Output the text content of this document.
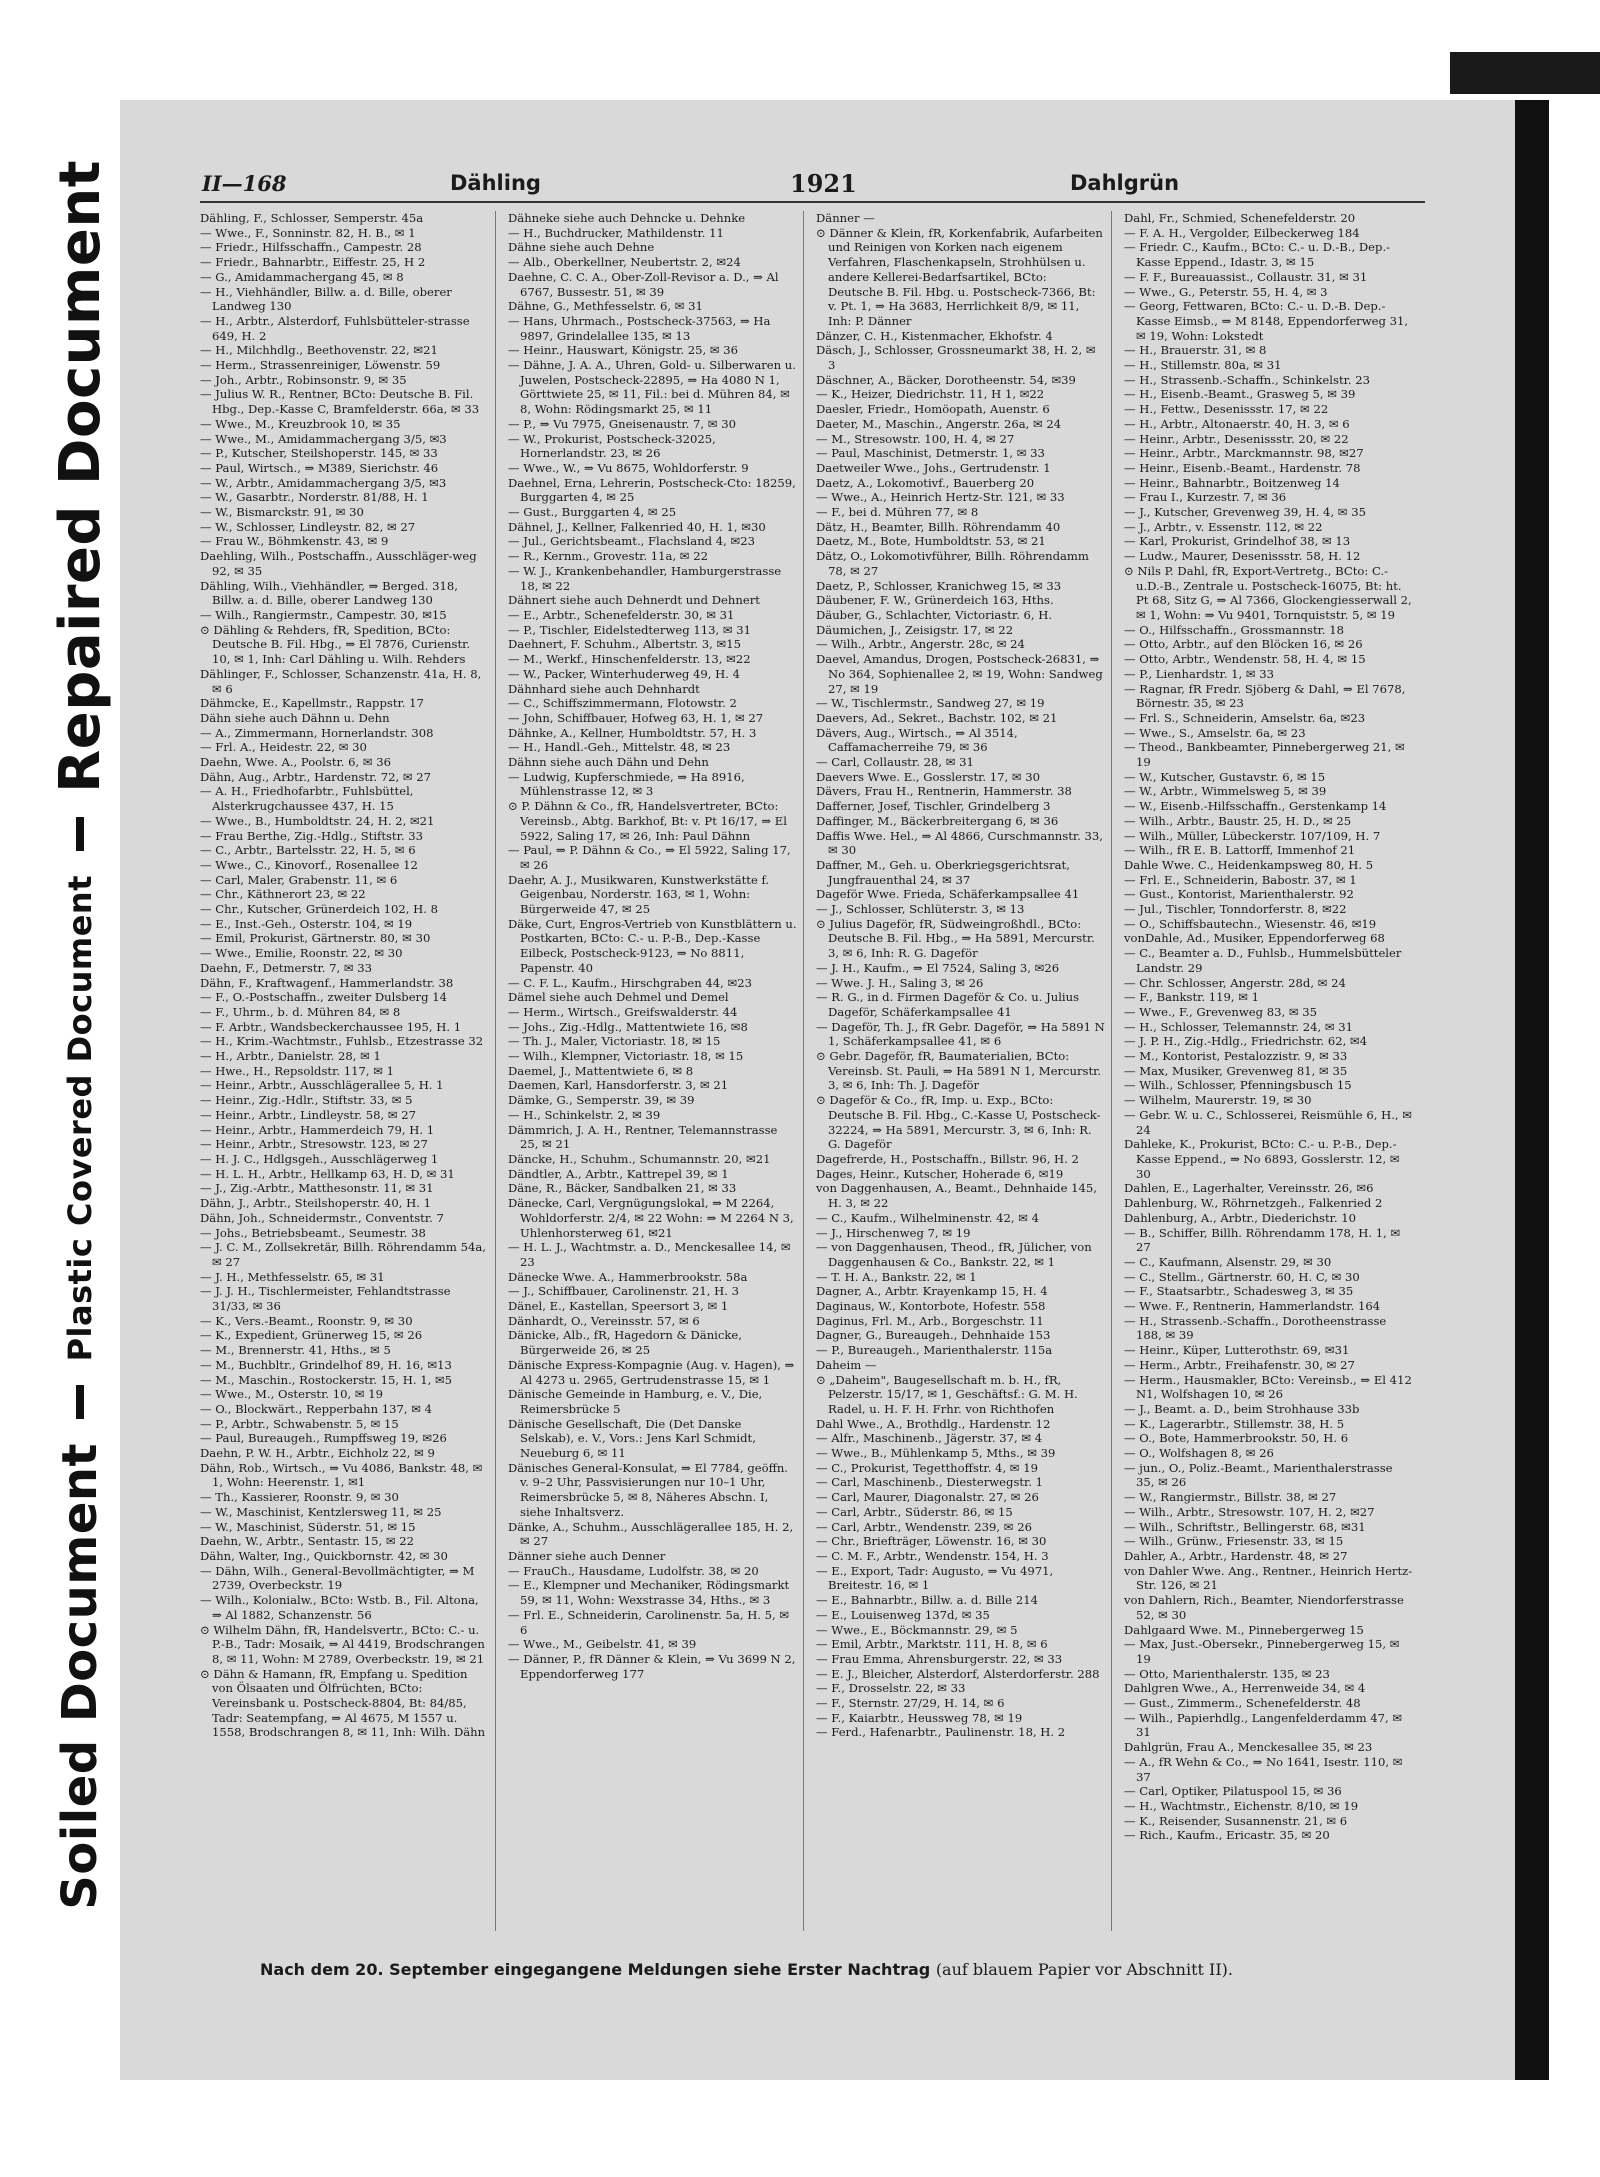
Repaired Document
Plastic Covered Document
Soiled Document
II—168	Dähling	1921	Dahlgrün

Dähling, F., Schlosser, Semperstr. 45a

— Wwe., F., Sonninstr. 82, H. B., ✉ 1

— Friedr., Hilfsschaffn., Campestr. 28

— Friedr., Bahnarbtr., Eiffestr. 25, H 2

— G., Amidammachergang 45, ✉ 8

— H., Viehhändler, Billw. a. d. Bille, oberer Landweg 130

— H., Arbtr., Alsterdorf, Fuhlsbütteler-strasse 649, H. 2

— H., Milchhdlg., Beethovenstr. 22, ✉21

— Herm., Strassenreiniger, Löwenstr. 59

— Joh., Arbtr., Robinsonstr. 9, ✉ 35

— Julius W. R., Rentner, BCto: Deutsche B. Fil. Hbg., Dep.-Kasse C, Bramfelderstr. 66a, ✉ 33

— Wwe., M., Kreuzbrook 10, ✉ 35

— Wwe., M., Amidammachergang 3/5, ✉3

— P., Kutscher, Steilshoperstr. 145, ✉ 33

— Paul, Wirtsch., ⇒ M389, Sierichstr. 46

— W., Arbtr., Amidammachergang 3/5, ✉3

— W., Gasarbtr., Norderstr. 81/88, H. 1

— W., Bismarckstr. 91, ✉ 30

— W., Schlosser, Lindleystr. 82, ✉ 27

— Frau W., Böhmkenstr. 43, ✉ 9

Daehling, Wilh., Postschaffn., Ausschläger-weg 92, ✉ 35

Dähling, Wilh., Viehhändler, ⇒ Berged. 318, Billw. a. d. Bille, oberer Landweg 130

— Wilh., Rangiermstr., Campestr. 30, ✉15

⊙ Dähling & Rehders, fR, Spedition, BCto: Deutsche B. Fil. Hbg., ⇒ El 7876, Curienstr. 10, ✉ 1, Inh: Carl Dähling u. Wilh. Rehders

Dählinger, F., Schlosser, Schanzenstr. 41a, H. 8, ✉ 6

Dähmcke, E., Kapellmstr., Rappstr. 17

Dähn siehe auch Dähnn u. Dehn

— A., Zimmermann, Hornerlandstr. 308

— Frl. A., Heidestr. 22, ✉ 30

Daehn, Wwe. A., Poolstr. 6, ✉ 36

Dähn, Aug., Arbtr., Hardenstr. 72, ✉ 27

— A. H., Friedhofarbtr., Fuhlsbüttel, Alsterkrugchaussee 437, H. 15

— Wwe., B., Humboldtstr. 24, H. 2, ✉21

— Frau Berthe, Zig.-Hdlg., Stiftstr. 33

— C., Arbtr., Bartelsstr. 22, H. 5, ✉ 6

— Wwe., C., Kinovorf., Rosenallee 12

— Carl, Maler, Grabenstr. 11, ✉ 6

— Chr., Käthnerort 23, ✉ 22

— Chr., Kutscher, Grünerdeich 102, H. 8

— E., Inst.-Geh., Osterstr. 104, ✉ 19

— Emil, Prokurist, Gärtnerstr. 80, ✉ 30

— Wwe., Emilie, Roonstr. 22, ✉ 30

Daehn, F., Detmerstr. 7, ✉ 33

Dähn, F., Kraftwagenf., Hammerlandstr. 38

— F., O.-Postschaffn., zweiter Dulsberg 14

— F., Uhrm., b. d. Mühren 84, ✉ 8

— F. Arbtr., Wandsbeckerchaussee 195, H. 1

— H., Krim.-Wachtmstr., Fuhlsb., Etzestrasse 32

— H., Arbtr., Danielstr. 28, ✉ 1

— Hwe., H., Repsoldstr. 117, ✉ 1

— Heinr., Arbtr., Ausschlägerallee 5, H. 1

— Heinr., Zig.-Hdlr., Stiftstr. 33, ✉ 5

— Heinr., Arbtr., Lindleystr. 58, ✉ 27

— Heinr., Arbtr., Hammerdeich 79, H. 1

— Heinr., Arbtr., Stresowstr. 123, ✉ 27

— H. J. C., Hdlgsgeh., Ausschlägerweg 1

— H. L. H., Arbtr., Hellkamp 63, H. D, ✉ 31

— J., Zig.-Arbtr., Matthesonstr. 11, ✉ 31

Dähn, J., Arbtr., Steilshoperstr. 40, H. 1

Dähn, Joh., Schneidermstr., Conventstr. 7

— Johs., Betriebsbeamt., Seumestr. 38

— J. C. M., Zollsekretär, Billh. Röhrendamm 54a, ✉ 27

— J. H., Methfesselstr. 65, ✉ 31

— J. J. H., Tischlermeister, Fehlandtstrasse 31/33, ✉ 36

— K., Vers.-Beamt., Roonstr. 9, ✉ 30

— K., Expedient, Grünerweg 15, ✉ 26

— M., Brennerstr. 41, Hths., ✉ 5

— M., Buchbltr., Grindelhof 89, H. 16, ✉13

— M., Maschin., Rostockerstr. 15, H. 1, ✉5

— Wwe., M., Osterstr. 10, ✉ 19

— O., Blockwärt., Repperbahn 137, ✉ 4

— P., Arbtr., Schwabenstr. 5, ✉ 15

— Paul, Bureaugeh., Rumpffsweg 19, ✉26

Daehn, P. W. H., Arbtr., Eichholz 22, ✉ 9

Dähn, Rob., Wirtsch., ⇒ Vu 4086, Bankstr. 48, ✉ 1, Wohn: Heerenstr. 1, ✉1

— Th., Kassierer, Roonstr. 9, ✉ 30

— W., Maschinist, Kentzlersweg 11, ✉ 25

— W., Maschinist, Süderstr. 51, ✉ 15

Daehn, W., Arbtr., Sentastr. 15, ✉ 22

Dähn, Walter, Ing., Quickbornstr. 42, ✉ 30

— Dähn, Wilh., General-Bevollmächtigter, ⇒ M 2739, Overbeckstr. 19

— Wilh., Kolonialw., BCto: Wstb. B., Fil. Altona, ⇒ Al 1882, Schanzenstr. 56

⊙ Wilhelm Dähn, fR, Handelsvertr., BCto: C.- u. P.-B., Tadr: Mosaik, ⇒ Al 4419, Brodschrangen 8, ✉ 11, Wohn: M 2789, Overbeckstr. 19, ✉ 21

⊙ Dähn & Hamann, fR, Empfang u. Spedition von Ölsaaten und Ölfrüchten, BCto: Vereinsbank u. Postscheck-8804, Bt: 84/85, Tadr: Seatempfang, ⇒ Al 4675, M 1557 u. 1558, Brodschrangen 8, ✉ 11, Inh: Wilh. Dähn

Dähneke siehe auch Dehncke u. Dehnke

— H., Buchdrucker, Mathildenstr. 11

Dähne siehe auch Dehne

— Alb., Oberkellner, Neubertstr. 2, ✉24

Daehne, C. C. A., Ober-Zoll-Revisor a. D., ⇒ Al 6767, Bussestr. 51, ✉ 39

Dähne, G., Methfesselstr. 6, ✉ 31

— Hans, Uhrmach., Postscheck-37563, ⇒ Ha 9897, Grindelallee 135, ✉ 13

— Heinr., Hauswart, Königstr. 25, ✉ 36

— Dähne, J. A. A., Uhren, Gold- u. Silberwaren u. Juwelen, Postscheck-22895, ⇒ Ha 4080 N 1, Görttwiete 25, ✉ 11, Fil.: bei d. Mühren 84, ✉ 8, Wohn: Rödingsmarkt 25, ✉ 11

— P., ⇒ Vu 7975, Gneisenaustr. 7, ✉ 30

— W., Prokurist, Postscheck-32025, Hornerlandstr. 23, ✉ 26

— Wwe., W., ⇒ Vu 8675, Wohldorferstr. 9

Daehnel, Erna, Lehrerin, Postscheck-Cto: 18259, Burggarten 4, ✉ 25

— Gust., Burggarten 4, ✉ 25

Dähnel, J., Kellner, Falkenried 40, H. 1, ✉30

— Jul., Gerichtsbeamt., Flachsland 4, ✉23

— R., Kernm., Grovestr. 11a, ✉ 22

— W. J., Krankenbehandler, Hamburgerstrasse 18, ✉ 22

Dähnert siehe auch Dehnerdt und Dehnert

— E., Arbtr., Schenefelderstr. 30, ✉ 31

— P., Tischler, Eidelstedterweg 113, ✉ 31

Daehnert, F. Schuhm., Albertstr. 3, ✉15

— M., Werkf., Hinschenfelderstr. 13, ✉22

— W., Packer, Winterhuderweg 49, H. 4

Dähnhard siehe auch Dehnhardt

— C., Schiffszimmermann, Flotowstr. 2

— John, Schiffbauer, Hofweg 63, H. 1, ✉ 27

Dähnke, A., Kellner, Humboldtstr. 57, H. 3

— H., Handl.-Geh., Mittelstr. 48, ✉ 23

Dähnn siehe auch Dähn und Dehn

— Ludwig, Kupferschmiede, ⇒ Ha 8916, Mühlenstrasse 12, ✉ 3

⊙ P. Dähnn & Co., fR, Handelsvertreter, BCto: Vereinsb., Abtg. Barkhof, Bt: v. Pt 16/17, ⇒ El 5922, Saling 17, ✉ 26, Inh: Paul Dähnn

— Paul, ⇒ P. Dähnn & Co., ⇒ El 5922, Saling 17, ✉ 26

Daehr, A. J., Musikwaren, Kunstwerkstätte f. Geigenbau, Norderstr. 163, ✉ 1, Wohn: Bürgerweide 47, ✉ 25

Däke, Curt, Engros-Vertrieb von Kunstblättern u. Postkarten, BCto: C.- u. P.-B., Dep.-Kasse Eilbeck, Postscheck-9123, ⇒ No 8811, Papenstr. 40

— C. F. L., Kaufm., Hirschgraben 44, ✉23

Dämel siehe auch Dehmel und Demel

— Herm., Wirtsch., Greifswalderstr. 44

— Johs., Zig.-Hdlg., Mattentwiete 16, ✉8

— Th. J., Maler, Victoriastr. 18, ✉ 15

— Wilh., Klempner, Victoriastr. 18, ✉ 15

Daemel, J., Mattentwiete 6, ✉ 8

Daemen, Karl, Hansdorferstr. 3, ✉ 21

Dämke, G., Semperstr. 39, ✉ 39

— H., Schinkelstr. 2, ✉ 39

Dämmrich, J. A. H., Rentner, Telemannstrasse 25, ✉ 21

Däncke, H., Schuhm., Schumannstr. 20, ✉21

Dändtler, A., Arbtr., Kattrepel 39, ✉ 1

Däne, R., Bäcker, Sandbalken 21, ✉ 33

Dänecke, Carl, Vergnügungslokal, ⇒ M 2264, Wohldorferstr. 2/4, ✉ 22 Wohn: ⇒ M 2264 N 3, Uhlenhorsterweg 61, ✉21

— H. L. J., Wachtmstr. a. D., Menckesallee 14, ✉ 23

Dänecke Wwe. A., Hammerbrookstr. 58a

— J., Schiffbauer, Carolinenstr. 21, H. 3

Dänel, E., Kastellan, Speersort 3, ✉ 1

Dänhardt, O., Vereinsstr. 57, ✉ 6

Dänicke, Alb., fR, Hagedorn & Dänicke, Bürgerweide 26, ✉ 25

Dänische Express-Kompagnie (Aug. v. Hagen), ⇒ Al 4273 u. 2965, Gertrudenstrasse 15, ✉ 1

Dänische Gemeinde in Hamburg, e. V., Die, Reimersbrücke 5

Dänische Gesellschaft, Die (Det Danske Selskab), e. V., Vors.: Jens Karl Schmidt, Neueburg 6, ✉ 11

Dänisches General-Konsulat, ⇒ El 7784, geöffn. v. 9–2 Uhr, Passvisierungen nur 10–1 Uhr, Reimersbrücke 5, ✉ 8, Näheres Abschn. I, siehe Inhaltsverz.

Dänke, A., Schuhm., Ausschlägerallee 185, H. 2, ✉ 27

Dänner siehe auch Denner

— FrauCh., Hausdame, Ludolfstr. 38, ✉ 20

— E., Klempner und Mechaniker, Rödingsmarkt 59, ✉ 11, Wohn: Wexstrasse 34, Hths., ✉ 3

— Frl. E., Schneiderin, Carolinenstr. 5a, H. 5, ✉ 6

— Wwe., M., Geibelstr. 41, ✉ 39

— Dänner, P., fR Dänner & Klein, ⇒ Vu 3699 N 2, Eppendorferweg 177

Dänner —

⊙ Dänner & Klein, fR, Korkenfabrik, Aufarbeiten und Reinigen von Korken nach eigenem Verfahren, Flaschenkapseln, Strohhülsen u. andere Kellerei-Bedarfsartikel, BCto: Deutsche B. Fil. Hbg. u. Postscheck-7366, Bt: v. Pt. 1, ⇒ Ha 3683, Herrlichkeit 8/9, ✉ 11, Inh: P. Dänner

Dänzer, C. H., Kistenmacher, Ekhofstr. 4

Däsch, J., Schlosser, Grossneumarkt 38, H. 2, ✉ 3

Däschner, A., Bäcker, Dorotheenstr. 54, ✉39

— K., Heizer, Diedrichstr. 11, H 1, ✉22

Daesler, Friedr., Homöopath, Auenstr. 6

Daeter, M., Maschin., Angerstr. 26a, ✉ 24

— M., Stresowstr. 100, H. 4, ✉ 27

— Paul, Maschinist, Detmerstr. 1, ✉ 33

Daetweiler Wwe., Johs., Gertrudenstr. 1

Daetz, A., Lokomotivf., Bauerberg 20

— Wwe., A., Heinrich Hertz-Str. 121, ✉ 33

— F., bei d. Mühren 77, ✉ 8

Dätz, H., Beamter, Billh. Röhrendamm 40

Daetz, M., Bote, Humboldtstr. 53, ✉ 21

Dätz, O., Lokomotivführer, Billh. Röhrendamm 78, ✉ 27

Daetz, P., Schlosser, Kranichweg 15, ✉ 33

Däubener, F. W., Grünerdeich 163, Hths.

Däuber, G., Schlachter, Victoriastr. 6, H.

Däumichen, J., Zeisigstr. 17, ✉ 22

— Wilh., Arbtr., Angerstr. 28c, ✉ 24

Daevel, Amandus, Drogen, Postscheck-26831, ⇒ No 364, Sophienallee 2, ✉ 19, Wohn: Sandweg 27, ✉ 19

— W., Tischlermstr., Sandweg 27, ✉ 19

Daevers, Ad., Sekret., Bachstr. 102, ✉ 21

Dävers, Aug., Wirtsch., ⇒ Al 3514, Caffamacherreihe 79, ✉ 36

— Carl, Collaustr. 28, ✉ 31

Daevers Wwe. E., Gosslerstr. 17, ✉ 30

Dävers, Frau H., Rentnerin, Hammerstr. 38

Dafferner, Josef, Tischler, Grindelberg 3

Daffinger, M., Bäckerbreitergang 6, ✉ 36

Daffis Wwe. Hel., ⇒ Al 4866, Curschmannstr. 33, ✉ 30

Daffner, M., Geh. u. Oberkriegsgerichtsrat, Jungfrauenthal 24, ✉ 37

Dageför Wwe. Frieda, Schäferkampsallee 41

— J., Schlosser, Schlüterstr. 3, ✉ 13

⊙ Julius Dageför, fR, Südweingroßhdl., BCto: Deutsche B. Fil. Hbg., ⇒ Ha 5891, Mercurstr. 3, ✉ 6, Inh: R. G. Dageför

— J. H., Kaufm., ⇒ El 7524, Saling 3, ✉26

— Wwe. J. H., Saling 3, ✉ 26

— R. G., in d. Firmen Dageför & Co. u. Julius Dageför, Schäferkampsallee 41

— Dageför, Th. J., fR Gebr. Dageför, ⇒ Ha 5891 N 1, Schäferkampsallee 41, ✉ 6

⊙ Gebr. Dageför, fR, Baumaterialien, BCto: Vereinsb. St. Pauli, ⇒ Ha 5891 N 1, Mercurstr. 3, ✉ 6, Inh: Th. J. Dageför

⊙ Dageför & Co., fR, Imp. u. Exp., BCto: Deutsche B. Fil. Hbg., C.-Kasse U, Postscheck-32224, ⇒ Ha 5891, Mercurstr. 3, ✉ 6, Inh: R. G. Dageför

Dagefrerde, H., Postschaffn., Billstr. 96, H. 2

Dages, Heinr., Kutscher, Hoherade 6, ✉19

von Daggenhausen, A., Beamt., Dehnhaide 145, H. 3, ✉ 22

— C., Kaufm., Wilhelminenstr. 42, ✉ 4

— J., Hirschenweg 7, ✉ 19

— von Daggenhausen, Theod., fR, Jülicher, von Daggenhausen & Co., Bankstr. 22, ✉ 1

— T. H. A., Bankstr. 22, ✉ 1

Dagner, A., Arbtr. Krayenkamp 15, H. 4

Daginaus, W., Kontorbote, Hofestr. 558

Daginus, Frl. M., Arb., Borgeschstr. 11

Dagner, G., Bureaugeh., Dehnhaide 153

— P., Bureaugeh., Marienthalerstr. 115a

Daheim —

⊙ „Daheim", Baugesellschaft m. b. H., fR, Pelzerstr. 15/17, ✉ 1, Geschäftsf.: G. M. H. Radel, u. H. F. H. Frhr. von Richthofen

Dahl Wwe., A., Brothdlg., Hardenstr. 12

— Alfr., Maschinenb., Jägerstr. 37, ✉ 4

— Wwe., B., Mühlenkamp 5, Mths., ✉ 39

— C., Prokurist, Tegetthoffstr. 4, ✉ 19

— Carl, Maschinenb., Diesterwegstr. 1

— Carl, Maurer, Diagonalstr. 27, ✉ 26

— Carl, Arbtr., Süderstr. 86, ✉ 15

— Carl, Arbtr., Wendenstr. 239, ✉ 26

— Chr., Briefträger, Löwenstr. 16, ✉ 30

— C. M. F., Arbtr., Wendenstr. 154, H. 3

— E., Export, Tadr: Augusto, ⇒ Vu 4971, Breitestr. 16, ✉ 1

— E., Bahnarbtr., Billw. a. d. Bille 214

— E., Louisenweg 137d, ✉ 35

— Wwe., E., Böckmannstr. 29, ✉ 5

— Emil, Arbtr., Marktstr. 111, H. 8, ✉ 6

— Frau Emma, Ahrensburgerstr. 22, ✉ 33

— E. J., Bleicher, Alsterdorf, Alsterdorferstr. 288

— F., Drosselstr. 22, ✉ 33

— F., Sternstr. 27/29, H. 14, ✉ 6

— F., Kaiarbtr., Heussweg 78, ✉ 19

— Ferd., Hafenarbtr., Paulinenstr. 18, H. 2

Dahl, Fr., Schmied, Schenefelderstr. 20

— F. A. H., Vergolder, Eilbeckerweg 184

— Friedr. C., Kaufm., BCto: C.- u. D.-B., Dep.-Kasse Eppend., Idastr. 3, ✉ 15

— F. F., Bureauassist., Collaustr. 31, ✉ 31

— Wwe., G., Peterstr. 55, H. 4, ✉ 3

— Georg, Fettwaren, BCto: C.- u. D.-B. Dep.-Kasse Eimsb., ⇒ M 8148, Eppendorferweg 31, ✉ 19, Wohn: Lokstedt

— H., Brauerstr. 31, ✉ 8

— H., Stillemstr. 80a, ✉ 31

— H., Strassenb.-Schaffn., Schinkelstr. 23

— H., Eisenb.-Beamt., Grasweg 5, ✉ 39

— H., Fettw., Desenissstr. 17, ✉ 22

— H., Arbtr., Altonaerstr. 40, H. 3, ✉ 6

— Heinr., Arbtr., Desenissstr. 20, ✉ 22

— Heinr., Arbtr., Marckmannstr. 98, ✉27

— Heinr., Eisenb.-Beamt., Hardenstr. 78

— Heinr., Bahnarbtr., Boitzenweg 14

— Frau I., Kurzestr. 7, ✉ 36

— J., Kutscher, Grevenweg 39, H. 4, ✉ 35

— J., Arbtr., v. Essenstr. 112, ✉ 22

— Karl, Prokurist, Grindelhof 38, ✉ 13

— Ludw., Maurer, Desenissstr. 58, H. 12

⊙ Nils P. Dahl, fR, Export-Vertretg., BCto: C.-u.D.-B., Zentrale u. Postscheck-16075, Bt: ht. Pt 68, Sitz G, ⇒ Al 7366, Glockengiesserwall 2, ✉ 1, Wohn: ⇒ Vu 9401, Tornquiststr. 5, ✉ 19

— O., Hilfsschaffn., Grossmannstr. 18

— Otto, Arbtr., auf den Blöcken 16, ✉ 26

— Otto, Arbtr., Wendenstr. 58, H. 4, ✉ 15

— P., Lienhardstr. 1, ✉ 33

— Ragnar, fR Fredr. Sjöberg & Dahl, ⇒ El 7678, Börnestr. 35, ✉ 23

— Frl. S., Schneiderin, Amselstr. 6a, ✉23

— Wwe., S., Amselstr. 6a, ✉ 23

— Theod., Bankbeamter, Pinnebergerweg 21, ✉ 19

— W., Kutscher, Gustavstr. 6, ✉ 15

— W., Arbtr., Wimmelsweg 5, ✉ 39

— W., Eisenb.-Hilfsschaffn., Gerstenkamp 14

— Wilh., Arbtr., Baustr. 25, H. D., ✉ 25

— Wilh., Müller, Lübeckerstr. 107/109, H. 7

— Wilh., fR E. B. Lattorff, Immenhof 21

Dahle Wwe. C., Heidenkampsweg 80, H. 5

— Frl. E., Schneiderin, Babostr. 37, ✉ 1

— Gust., Kontorist, Marienthalerstr. 92

— Jul., Tischler, Tonndorferstr. 8, ✉22

— O., Schiffsbautechn., Wiesenstr. 46, ✉19

vonDahle, Ad., Musiker, Eppendorferweg 68

— C., Beamter a. D., Fuhlsb., Hummelsbütteler Landstr. 29

— Chr. Schlosser, Angerstr. 28d, ✉ 24

— F., Bankstr. 119, ✉ 1

— Wwe., F., Grevenweg 83, ✉ 35

— H., Schlosser, Telemannstr. 24, ✉ 31

— J. P. H., Zig.-Hdlg., Friedrichstr. 62, ✉4

— M., Kontorist, Pestalozzistr. 9, ✉ 33

— Max, Musiker, Grevenweg 81, ✉ 35

— Wilh., Schlosser, Pfenningsbusch 15

— Wilhelm, Maurerstr. 19, ✉ 30

— Gebr. W. u. C., Schlosserei, Reismühle 6, H., ✉ 24

Dahleke, K., Prokurist, BCto: C.- u. P.-B., Dep.-Kasse Eppend., ⇒ No 6893, Gosslerstr. 12, ✉ 30

Dahlen, E., Lagerhalter, Vereinsstr. 26, ✉6

Dahlenburg, W., Röhrnetzgeh., Falkenried 2

Dahlenburg, A., Arbtr., Diederichstr. 10

— B., Schiffer, Billh. Röhrendamm 178, H. 1, ✉ 27

— C., Kaufmann, Alsenstr. 29, ✉ 30

— C., Stellm., Gärtnerstr. 60, H. C, ✉ 30

— F., Staatsarbtr., Schadesweg 3, ✉ 35

— Wwe. F., Rentnerin, Hammerlandstr. 164

— H., Strassenb.-Schaffn., Dorotheenstrasse 188, ✉ 39

— Heinr., Küper, Lutterothstr. 69, ✉31

— Herm., Arbtr., Freihafenstr. 30, ✉ 27

— Herm., Hausmakler, BCto: Vereinsb., ⇒ El 412 N1, Wolfshagen 10, ✉ 26

— J., Beamt. a. D., beim Strohhause 33b

— K., Lagerarbtr., Stillemstr. 38, H. 5

— O., Bote, Hammerbrookstr. 50, H. 6

— O., Wolfshagen 8, ✉ 26

— jun., O., Poliz.-Beamt., Marienthalerstrasse 35, ✉ 26

— W., Rangiermstr., Billstr. 38, ✉ 27

— Wilh., Arbtr., Stresowstr. 107, H. 2, ✉27

— Wilh., Schriftstr., Bellingerstr. 68, ✉31

— Wilh., Grünw., Friesenstr. 33, ✉ 15

Dahler, A., Arbtr., Hardenstr. 48, ✉ 27

von Dahler Wwe. Ang., Rentner., Heinrich Hertz-Str. 126, ✉ 21

von Dahlern, Rich., Beamter, Niendorferstrasse 52, ✉ 30

Dahlgaard Wwe. M., Pinnebergerweg 15

— Max, Just.-Obersekr., Pinnebergerweg 15, ✉ 19

— Otto, Marienthalerstr. 135, ✉ 23

Dahlgren Wwe., A., Herrenweide 34, ✉ 4

— Gust., Zimmerm., Schenefelderstr. 48

— Wilh., Papierhdlg., Langenfelderdamm 47, ✉ 31

Dahlgrün, Frau A., Menckesallee 35, ✉ 23

— A., fR Wehn & Co., ⇒ No 1641, Isestr. 110, ✉ 37

— Carl, Optiker, Pilatuspool 15, ✉ 36

— H., Wachtmstr., Eichenstr. 8/10, ✉ 19

— K., Reisender, Susannenstr. 21, ✉ 6

— Rich., Kaufm., Ericastr. 35, ✉ 20

Nach dem 20. September eingegangene Meldungen siehe Erster Nachtrag (auf blauem Papier vor Abschnitt II).
